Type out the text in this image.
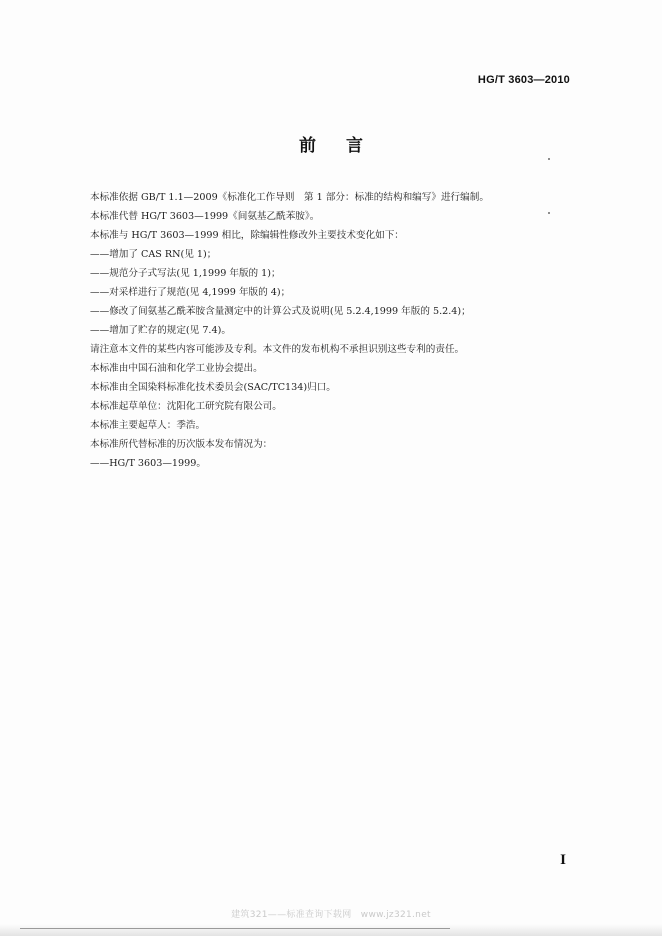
HG/T 3603—2010
前言
本标准依据 GB/T 1.1—2009《标准化工作导则　第 1 部分：标准的结构和编写》进行编制。
本标准代替 HG/T 3603—1999《间氨基乙酰苯胺》。
本标准与 HG/T 3603—1999 相比，除编辑性修改外主要技术变化如下：
——增加了 CAS RN(见 1)；
——规范分子式写法(见 1,1999 年版的 1)；
——对采样进行了规范(见 4,1999 年版的 4)；
——修改了间氨基乙酰苯胺含量测定中的计算公式及说明(见 5.2.4,1999 年版的 5.2.4)；
——增加了贮存的规定(见 7.4)。
请注意本文件的某些内容可能涉及专利。本文件的发布机构不承担识别这些专利的责任。
本标准由中国石油和化学工业协会提出。
本标准由全国染料标准化技术委员会(SAC/TC134)归口。
本标准起草单位：沈阳化工研究院有限公司。
本标准主要起草人：季浩。
本标准所代替标准的历次版本发布情况为：
——HG/T 3603—1999。
I
建筑321——标准查询下载网　www.jz321.net
